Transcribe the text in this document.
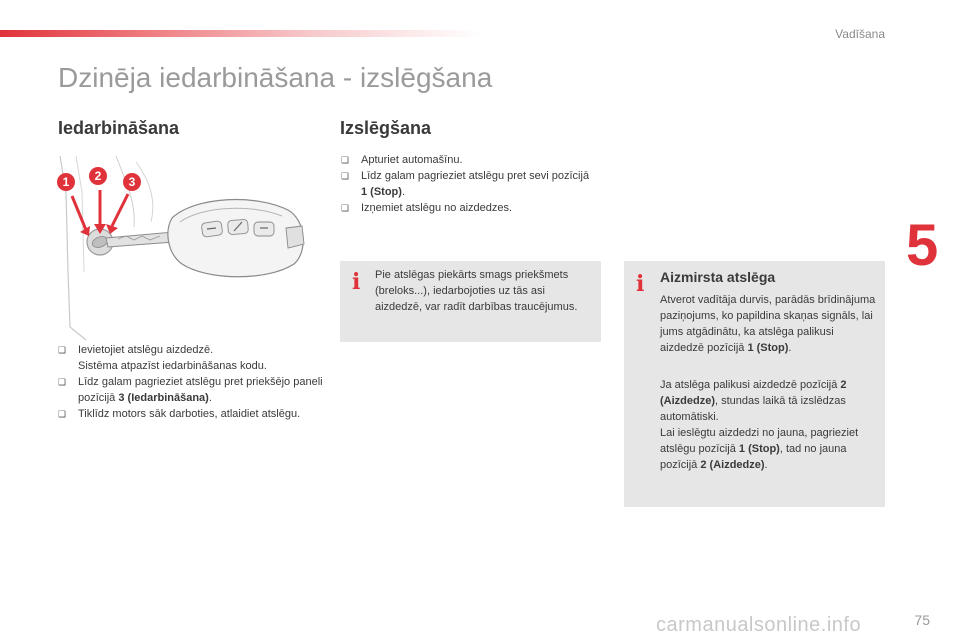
Vadīšana
Dzinēja iedarbināšana - izslēgšana
5
Iedarbināšana
1 2 3
❏ Ievietojiet atslēgu aizdedzē.
Sistēma atpazīst iedarbināšanas kodu.
❏ Līdz galam pagrieziet atslēgu pret priekšējo paneli pozīcijā 3 (Iedarbināšana).
❏ Tiklīdz motors sāk darboties, atlaidiet atslēgu.
Izslēgšana
❏ Apturiet automašīnu.
❏ Līdz galam pagrieziet atslēgu pret sevi pozīcijā 1 (Stop).
❏ Izņemiet atslēgu no aizdedzes.
i Pie atslēgas piekārts smags priekšmets (breloks...), iedarbojoties uz tās asi aizdedzē, var radīt darbības traucējumus.

i Aizmirsta atslēga

Atverot vadītāja durvis, parādās brīdinājuma paziņojums, ko papildina skaņas signāls, lai jums atgādinātu, ka atslēga palikusi aizdedzē pozīcijā 1 (Stop).

Ja atslēga palikusi aizdedzē pozīcijā 2 (Aizdedze), stundas laikā tā izslēdzas automātiski.
Lai ieslēgtu aizdedzi no jauna, pagrieziet atslēgu pozīcijā 1 (Stop), tad no jauna pozīcijā 2 (Aizdedze).

carmanualsonline.info	75
